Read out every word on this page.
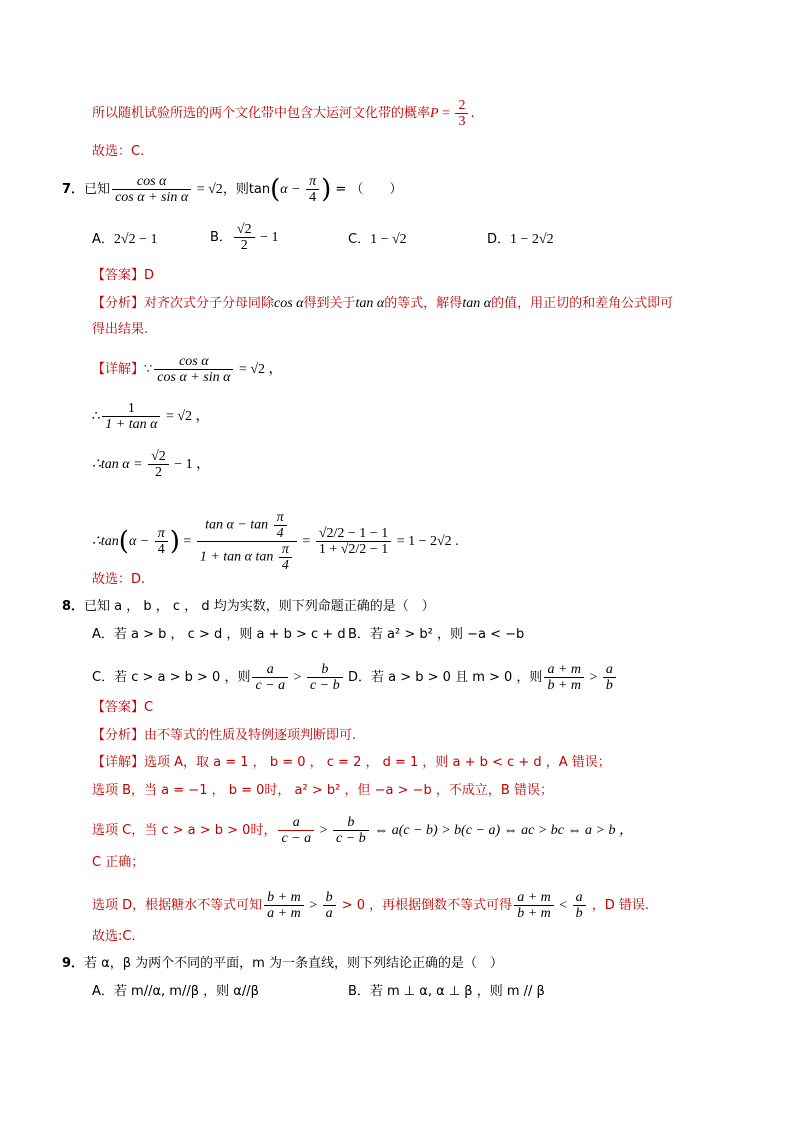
所以随机试验所选的两个文化带中包含大运河文化带的概率$P = \frac{2}{3}$ .
故选：C.
7．已知 $\frac{\text{cos α}}{\text{cos α + sin α}} = √2$，则$\tan(\alpha - \frac{\pi}{4}$ ) = （　　）
A．2√2 − 1	B． $\frac{√2}{2} - 1$	C．1 − √2	D．1 − 2√2
【答案】D
【分析】对齐次式分子分母同除cos α得到关于tan α的等式，解得tan α的值，用正切的和差角公式即可
得出结果.
【详解】∵ $\frac{\text{cos α}}{\text{cos α + sin α}} = √2$ ，
∴ $\frac{1}{\text{1 + tan α}} = √2$ ，
∴tan $\alpha = \frac{√2}{2} - 1$ ，
∴tan(α − $\frac{\pi}{4}$ ) = $\frac{\tan \alpha - \tan \frac{\pi}{4}}{1 + \tan \alpha \tan \frac{\pi}{4}} = \frac{√2/2 - 1 - 1}{1 + √2/2 - 1} = 1 - 2√2$ .
故选：D.
8．已知 a ， b ， c ， d 均为实数，则下列命题正确的是（　）
A．若 a > b ， c > d ，则 a + b > c + d B．若 a² > b² ，则 −a < −b
C．若 c > a > b > 0 ，则 $\frac{a}{c - a} > \frac{b}{c - b}$ D．若 a > b > 0 且 m > 0 ，则 $\frac{a + m}{b + m} > \frac{a}{b}$
【答案】C
【分析】由不等式的性质及特例逐项判断即可.
【详解】选项 A，取 a = 1 ， b = 0 ， c = 2 ， d = 1 ，则 a + b < c + d ，A 错误；
选项 B，当 a = −1 ， b = 0时， a² > b² ，但 −a > −b ，不成立，B 错误；
选项 C，当 c > a > b > 0时， $\frac{a}{c - a} > \frac{b}{c - b}$ ⇔ a(c − b) > b(c − a) ⇔ ac > bc ⇔ a > b ，
C 正确；
选项 D，根据糖水不等式可知 $\frac{b + m}{a + m} > \frac{b}{a} > 0$ ，再根据倒数不等式可得 $\frac{a + m}{b + m} < \frac{a}{b}$ ，D 错误.
故选:C.
9．若 α，β 为两个不同的平面，m 为一条直线，则下列结论正确的是（　）
A．若 m//α, m//β ，则 α//β	B．若 m ⊥ α, α ⊥ β ，则 m // β
